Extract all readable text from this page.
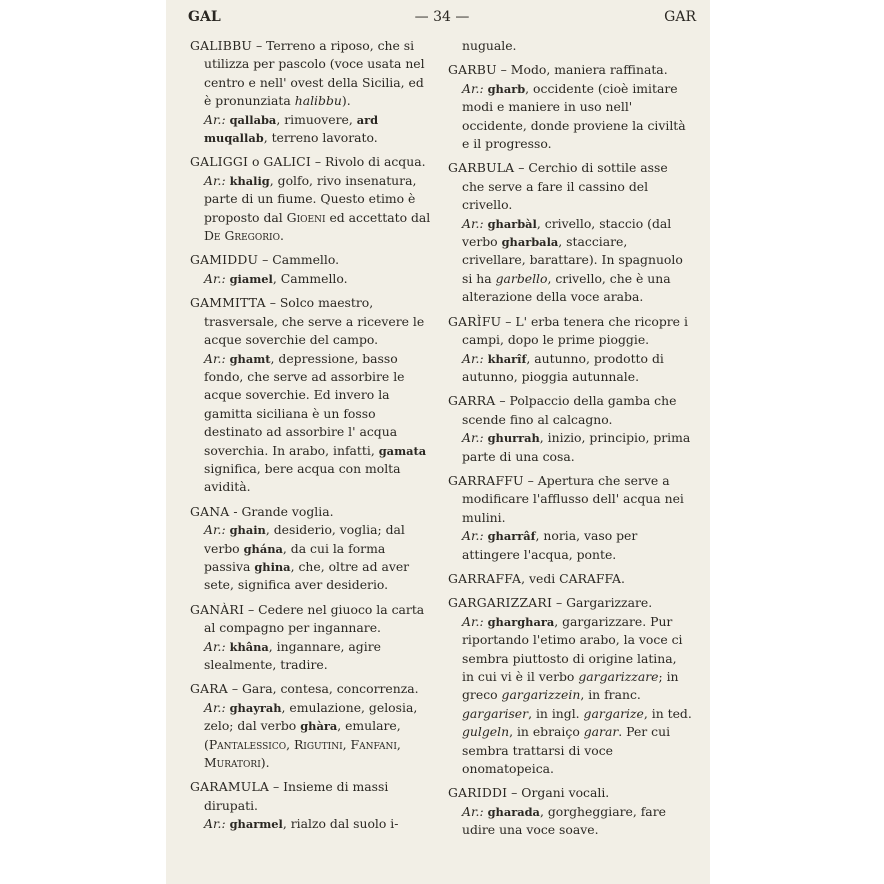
GAL	— 34 —	GAR

GALIBBU – Terreno a riposo, che si utilizza per pascolo (voce usata nel centro e nell' ovest della Sicilia, ed è pronunziata halibbu).

Ar.: qallaba, rimuovere, ard muqallab, terreno lavorato.

GALIGGI o GALICI – Rivolo di acqua.

Ar.: khalig, golfo, rivo insenatura, parte di un fiume. Questo etimo è proposto dal Gioeni ed accettato dal De Gregorio.

GAMIDDU – Cammello.

Ar.: giamel, Cammello.

GAMMITTA – Solco maestro, trasversale, che serve a ricevere le acque soverchie del campo.

Ar.: ghamt, depressione, basso fondo, che serve ad assorbire le acque soverchie. Ed invero la gamitta siciliana è un fosso destinato ad assorbire l' acqua soverchia. In arabo, infatti, gamata significa, bere acqua con molta avidità.

GANA - Grande voglia.

Ar.: ghain, desiderio, voglia; dal verbo ghána, da cui la forma passiva ghina, che, oltre ad aver sete, significa aver desiderio.

GANÀRI – Cedere nel giuoco la carta al compagno per ingannare.

Ar.: khâna, ingannare, agire slealmente, tradire.

GARA – Gara, contesa, concorrenza.

Ar.: ghayrah, emulazione, gelosia, zelo; dal verbo ghàra, emulare, (Pantalessico, Rigutini, Fanfani, Muratori).

GARAMULA – Insieme di massi dirupati.

Ar.: gharmel, rialzo dal suolo i-

nuguale.

GARBU – Modo, maniera raffinata.

Ar.: gharb, occidente (cioè imitare modi e maniere in uso nell' occidente, donde proviene la civiltà e il progresso.

GARBULA – Cerchio di sottile asse che serve a fare il cassino del crivello.

Ar.: gharbàl, crivello, staccio (dal verbo gharbala, stacciare, crivellare, barattare). In spagnuolo si ha garbello, crivello, che è una alterazione della voce araba.

GARÌFU – L' erba tenera che ricopre i campi, dopo le prime pioggie.

Ar.: kharîf, autunno, prodotto di autunno, pioggia autunnale.

GARRA – Polpaccio della gamba che scende fino al calcagno.

Ar.: ghurrah, inizio, principio, prima parte di una cosa.

GARRAFFU – Apertura che serve a modificare l'afflusso dell' acqua nei mulini.

Ar.: gharrâf, noria, vaso per attingere l'acqua, ponte.

GARRAFFA, vedi CARAFFA.

GARGARIZZARI – Gargarizzare.

Ar.: gharghara, gargarizzare. Pur riportando l'etimo arabo, la voce ci sembra piuttosto di origine latina, in cui vi è il verbo gargarizzare; in greco gargarizzein, in franc. gargariser, in ingl. gargarize, in ted. gulgeln, in ebraiço garar. Per cui sembra trattarsi di voce onomatopeica.

GARIDDI – Organi vocali.

Ar.: gharada, gorgheggiare, fare udire una voce soave.
